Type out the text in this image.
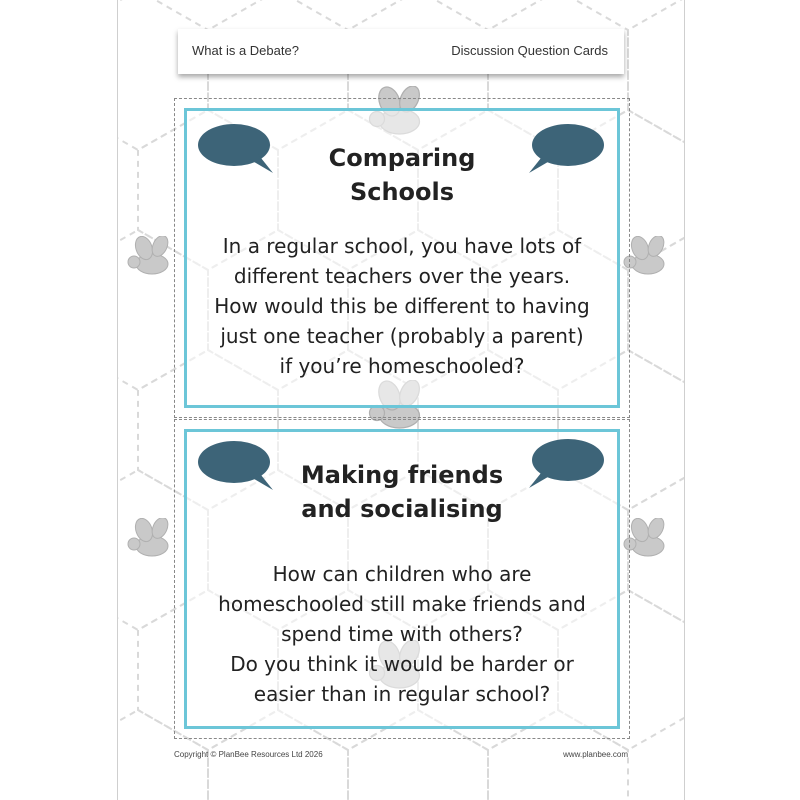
What is a Debate?	Discussion Question Cards
Comparing
Schools
In a regular school, you have lots of
different teachers over the years.
How would this be different to having
just one teacher (probably a parent)
if you’re homeschooled?
Making friends
and socialising
How can children who are
homeschooled still make friends and
spend time with others?
Do you think it would be harder or
easier than in regular school?
Copyright © PlanBee Resources Ltd 2026	www.planbee.com
